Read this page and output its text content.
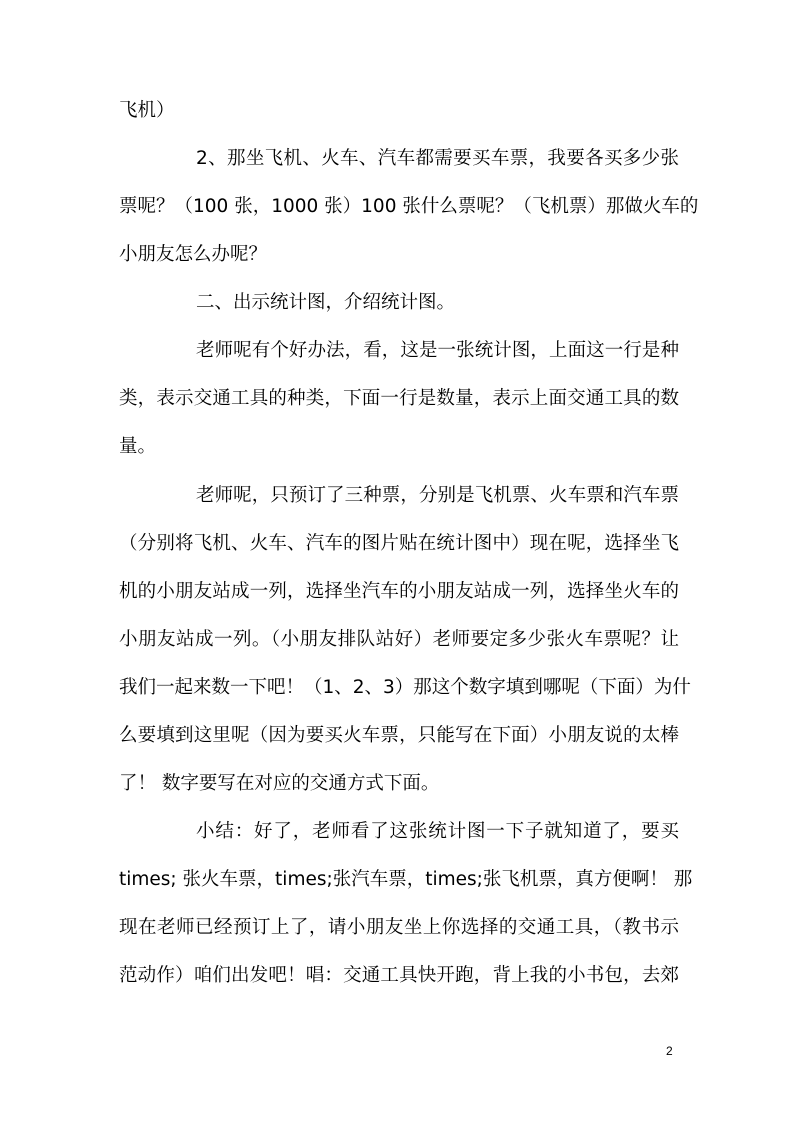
飞机）
2、那坐飞机、火车、汽车都需要买车票，我要各买多少张
票呢？（100 张，1000 张）100 张什么票呢？（飞机票）那做火车的
小朋友怎么办呢？
二、出示统计图，介绍统计图。
老师呢有个好办法，看，这是一张统计图，上面这一行是种
类，表示交通工具的种类，下面一行是数量，表示上面交通工具的数
量。
老师呢，只预订了三种票，分别是飞机票、火车票和汽车票
（分别将飞机、火车、汽车的图片贴在统计图中）现在呢，选择坐飞
机的小朋友站成一列，选择坐汽车的小朋友站成一列，选择坐火车的
小朋友站成一列。（小朋友排队站好）老师要定多少张火车票呢？让
我们一起来数一下吧！（1、2、3）那这个数字填到哪呢（下面）为什
么要填到这里呢（因为要买火车票，只能写在下面）小朋友说的太棒
了！ 数字要写在对应的交通方式下面。
小结：好了，老师看了这张统计图一下子就知道了，要买
times; 张火车票，times;张汽车票，times;张飞机票，真方便啊！ 那
现在老师已经预订上了，请小朋友坐上你选择的交通工具，（教书示
范动作）咱们出发吧！唱：交通工具快开跑，背上我的小书包，去郊
2
